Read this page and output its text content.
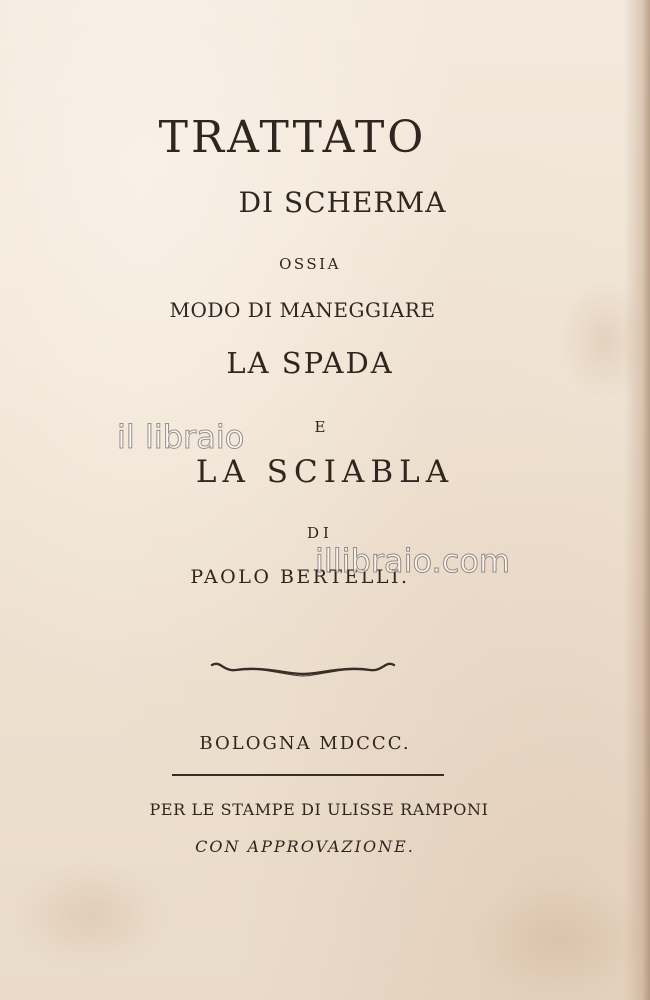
TRATTATO
DI SCHERMA
OSSIA
MODO DI MANEGGIARE
LA SPADA
E
LA SCIABLA
DI
PAOLO BERTELLI.
BOLOGNA MDCCC.
PER LE STAMPE DI ULISSE RAMPONI
CON APPROVAZIONE.
il libraio
illibraio.com
